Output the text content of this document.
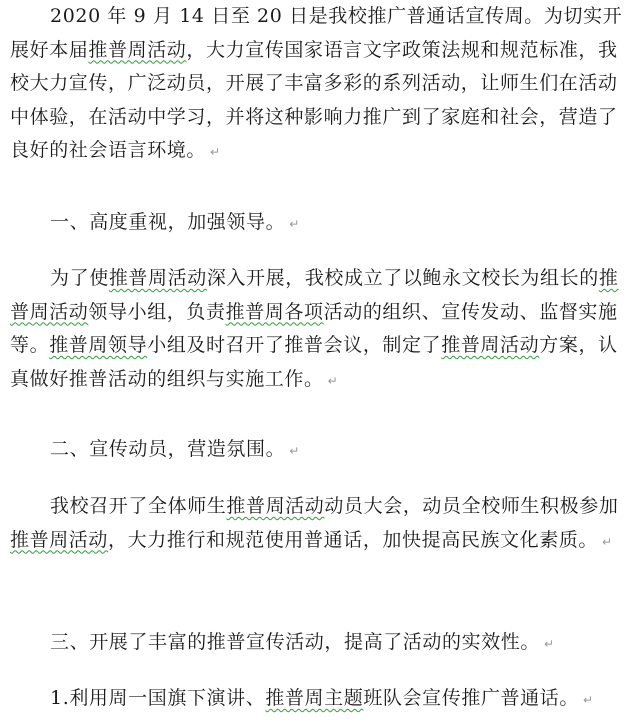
2020 年 9 月 14 日至 20 日是我校推广普通话宣传周。为切实开展好本届推普周活动，大力宣传国家语言文字政策法规和规范标准，我校大力宣传，广泛动员，开展了丰富多彩的系列活动，让师生们在活动中体验，在活动中学习，并将这种影响力推广到了家庭和社会，营造了良好的社会语言环境。 ↵

一、高度重视，加强领导。 ↵

为了使推普周活动深入开展，我校成立了以鲍永文校长为组长的推普周活动领导小组，负责推普周各项活动的组织、宣传发动、监督实施等。推普周领导小组及时召开了推普会议，制定了推普周活动方案，认真做好推普活动的组织与实施工作。 ↵

二、宣传动员，营造氛围。 ↵

我校召开了全体师生推普周活动动员大会，动员全校师生积极参加推普周活动，大力推行和规范使用普通话，加快提高民族文化素质。 ↵

三、开展了丰富的推普宣传活动，提高了活动的实效性。 ↵

1.利用周一国旗下演讲、推普周主题班队会宣传推广普通话。 ↵
